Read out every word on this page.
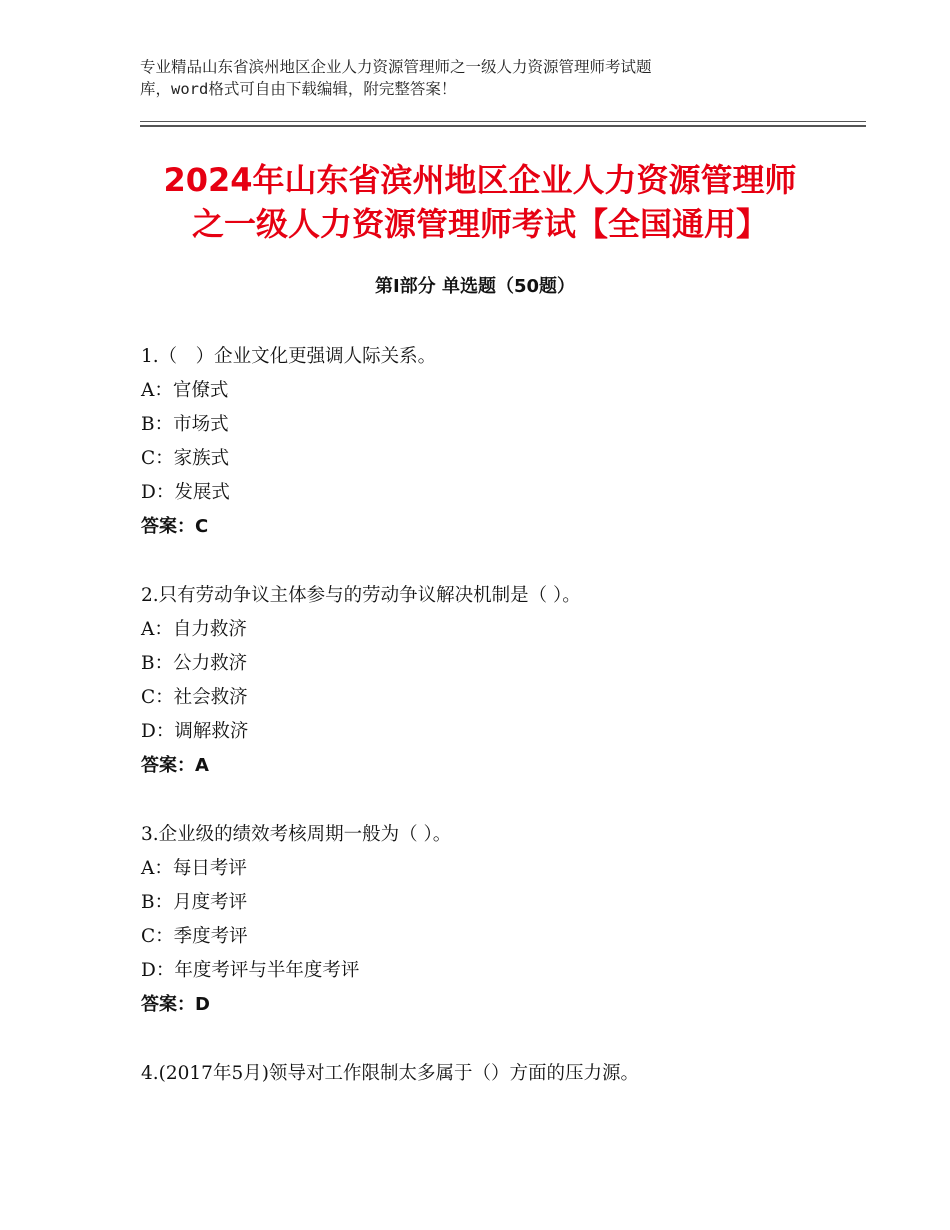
专业精品山东省滨州地区企业人力资源管理师之一级人力资源管理师考试题
库，word格式可自由下载编辑，附完整答案！
2024年山东省滨州地区企业人力资源管理师
之一级人力资源管理师考试【全国通用】
第Ⅰ部分 单选题（50题）
1.（　）企业文化更强调人际关系。
A：官僚式
B：市场式
C：家族式
D：发展式
答案：C
2.只有劳动争议主体参与的劳动争议解决机制是（ ）。
A：自力救济
B：公力救济
C：社会救济
D：调解救济
答案：A
3.企业级的绩效考核周期一般为（ ）。
A：每日考评
B：月度考评
C：季度考评
D：年度考评与半年度考评
答案：D
4.(2017年5月)领导对工作限制太多属于（）方面的压力源。
